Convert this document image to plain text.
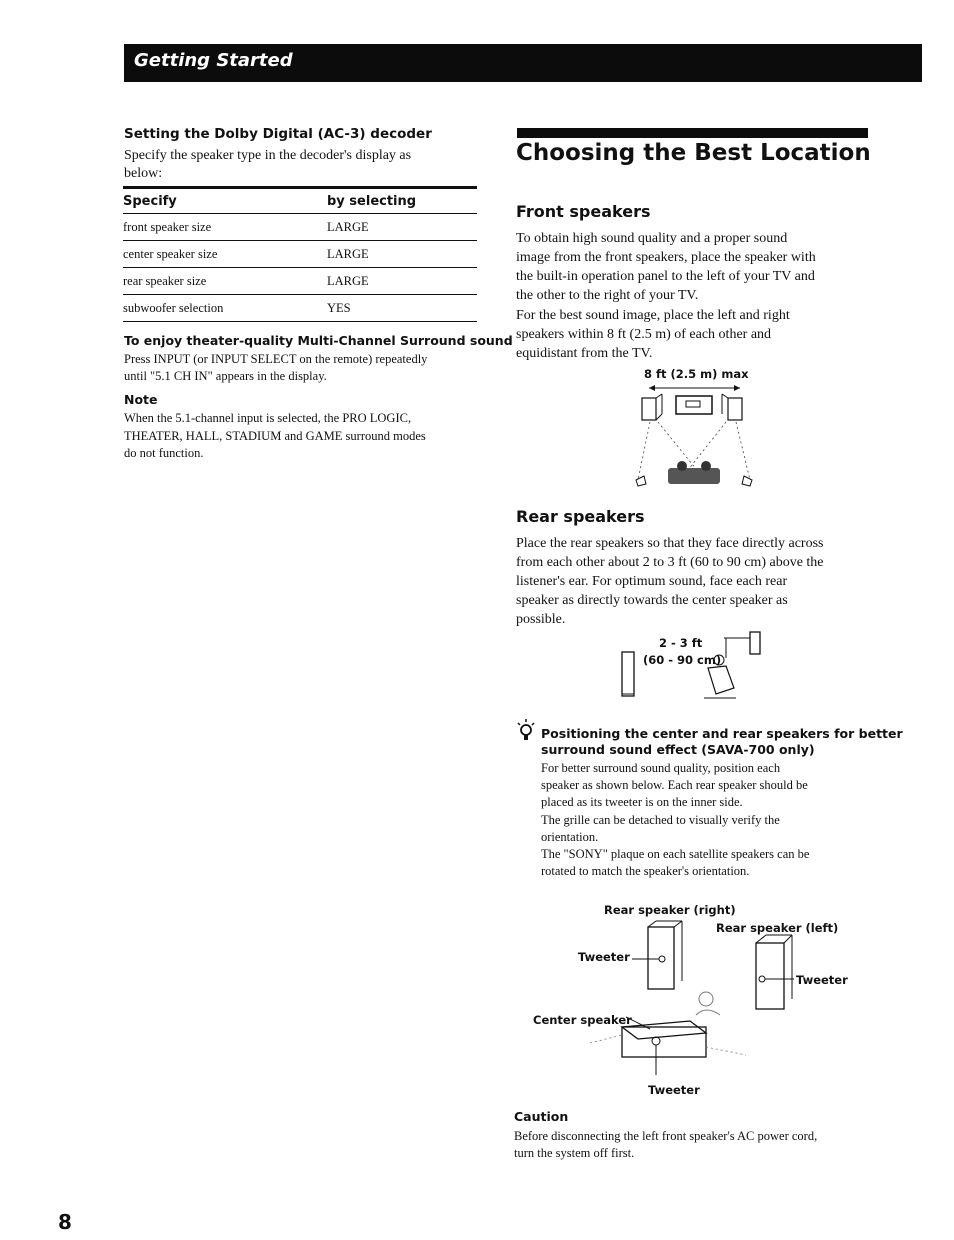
Getting Started
Setting the Dolby Digital (AC-3) decoder
Specify the speaker type in the decoder's display as
below:
Specify	by selecting
front speaker size	LARGE
center speaker size	LARGE
rear speaker size	LARGE
subwoofer selection	YES
To enjoy theater-quality Multi-Channel Surround sound
Press INPUT (or INPUT SELECT on the remote) repeatedly
until "5.1 CH IN" appears in the display.
Note
When the 5.1-channel input is selected, the PRO LOGIC,
THEATER, HALL, STADIUM and GAME surround modes
do not function.
Choosing the Best Location
Front speakers
To obtain high sound quality and a proper sound
image from the front speakers, place the speaker with
the built-in operation panel to the left of your TV and
the other to the right of your TV.
For the best sound image, place the left and right
speakers within 8 ft (2.5 m) of each other and
equidistant from the TV.
8 ft (2.5 m) max
Rear speakers
Place the rear speakers so that they face directly across
from each other about 2 to 3 ft (60 to 90 cm) above the
listener's ear. For optimum sound, face each rear
speaker as directly towards the center speaker as
possible.
2 - 3 ft
(60 - 90 cm)
Positioning the center and rear speakers for better
surround sound effect (SAVA-700 only)
For better surround sound quality, position each
speaker as shown below. Each rear speaker should be
placed as its tweeter is on the inner side.
The grille can be detached to visually verify the
orientation.
The "SONY" plaque on each satellite speakers can be
rotated to match the speaker's orientation.
Rear speaker (right)
Rear speaker (left)
Tweeter
Tweeter
Center speaker
Tweeter
Caution
Before disconnecting the left front speaker's AC power cord,
turn the system off first.
8
